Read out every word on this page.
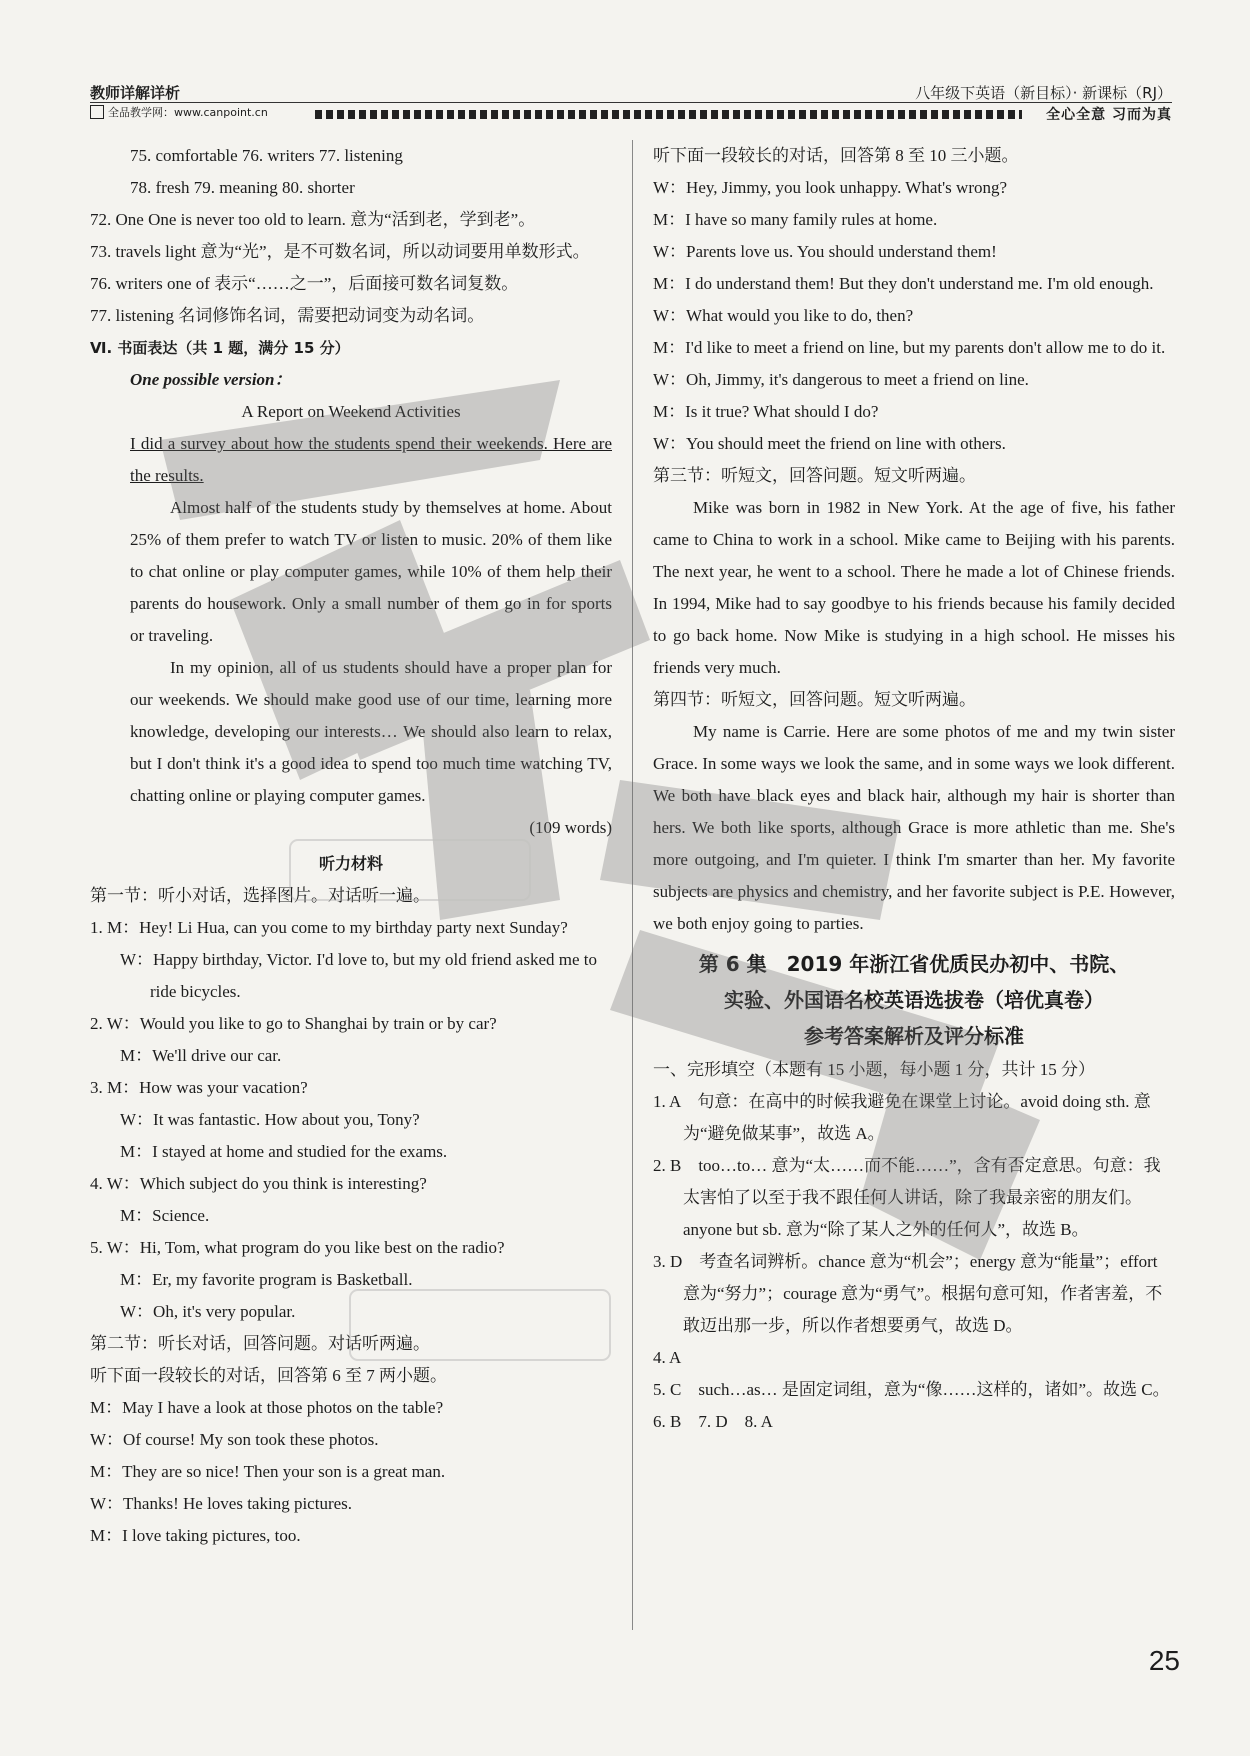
教师详解详析
全品教学网：www.canpoint.cn
八年级下英语（新目标）· 新课标（RJ）
全心全意 习而为真
75. comfortable 76. writers 77. listening
78. fresh 79. meaning 80. shorter
72. One One is never too old to learn. 意为“活到老，学到老”。
73. travels light 意为“光”，是不可数名词，所以动词要用单数形式。
76. writers one of 表示“……之一”，后面接可数名词复数。
77. listening 名词修饰名词，需要把动词变为动名词。
Ⅵ. 书面表达（共 1 题，满分 15 分）
One possible version：
A Report on Weekend Activities
I did a survey about how the students spend their weekends. Here are the results.
Almost half of the students study by themselves at home. About 25% of them prefer to watch TV or listen to music. 20% of them like to chat online or play computer games, while 10% of them help their parents do housework. Only a small number of them go in for sports or traveling.
In my opinion, all of us students should have a proper plan for our weekends. We should make good use of our time, learning more knowledge, developing our interests… We should also learn to relax, but I don't think it's a good idea to spend too much time watching TV, chatting online or playing computer games.
(109 words)
听力材料
第一节：听小对话，选择图片。对话听一遍。
1. M：Hey! Li Hua, can you come to my birthday party next Sunday?
W：Happy birthday, Victor. I'd love to, but my old friend asked me to ride bicycles.
2. W：Would you like to go to Shanghai by train or by car?
M：We'll drive our car.
3. M：How was your vacation?
W：It was fantastic. How about you, Tony?
M：I stayed at home and studied for the exams.
4. W：Which subject do you think is interesting?
M：Science.
5. W：Hi, Tom, what program do you like best on the radio?
M：Er, my favorite program is Basketball.
W：Oh, it's very popular.
第二节：听长对话，回答问题。对话听两遍。
听下面一段较长的对话，回答第 6 至 7 两小题。
M：May I have a look at those photos on the table?
W：Of course! My son took these photos.
M：They are so nice! Then your son is a great man.
W：Thanks! He loves taking pictures.
M：I love taking pictures, too.
听下面一段较长的对话，回答第 8 至 10 三小题。
W：Hey, Jimmy, you look unhappy. What's wrong?
M：I have so many family rules at home.
W：Parents love us. You should understand them!
M：I do understand them! But they don't understand me. I'm old enough.
W：What would you like to do, then?
M：I'd like to meet a friend on line, but my parents don't allow me to do it.
W：Oh, Jimmy, it's dangerous to meet a friend on line.
M：Is it true? What should I do?
W：You should meet the friend on line with others.
第三节：听短文，回答问题。短文听两遍。
Mike was born in 1982 in New York. At the age of five, his father came to China to work in a school. Mike came to Beijing with his parents. The next year, he went to a school. There he made a lot of Chinese friends. In 1994, Mike had to say goodbye to his friends because his family decided to go back home. Now Mike is studying in a high school. He misses his friends very much.
第四节：听短文，回答问题。短文听两遍。
My name is Carrie. Here are some photos of me and my twin sister Grace. In some ways we look the same, and in some ways we look different. We both have black eyes and black hair, although my hair is shorter than hers. We both like sports, although Grace is more athletic than me. She's more outgoing, and I'm quieter. I think I'm smarter than her. My favorite subjects are physics and chemistry, and her favorite subject is P.E. However, we both enjoy going to parties.
第 6 集　2019 年浙江省优质民办初中、书院、
实验、外国语名校英语选拔卷（培优真卷）
参考答案解析及评分标准
一、完形填空（本题有 15 小题，每小题 1 分，共计 15 分）
1. A　句意：在高中的时候我避免在课堂上讨论。avoid doing sth. 意为“避免做某事”，故选 A。
2. B　too…to… 意为“太……而不能……”，含有否定意思。句意：我太害怕了以至于我不跟任何人讲话，除了我最亲密的朋友们。anyone but sb. 意为“除了某人之外的任何人”，故选 B。
3. D　考查名词辨析。chance 意为“机会”；energy 意为“能量”；effort 意为“努力”；courage 意为“勇气”。根据句意可知，作者害羞，不敢迈出那一步，所以作者想要勇气，故选 D。
4. A
5. C　such…as… 是固定词组，意为“像……这样的，诸如”。故选 C。
6. B　7. D　8. A
25
